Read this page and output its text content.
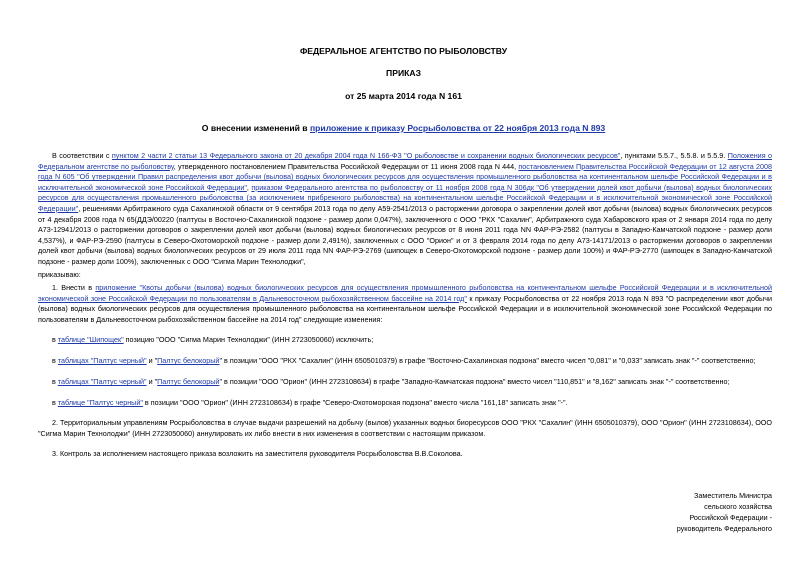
ФЕДЕРАЛЬНОЕ АГЕНТСТВО ПО РЫБОЛОВСТВУ
ПРИКАЗ
от 25 марта 2014 года N 161
О внесении изменений в приложение к приказу Росрыболовства от 22 ноября 2013 года N 893
В соответствии с пунктом 2 части 2 статьи 13 Федерального закона от 20 декабря 2004 года N 166-ФЗ "О рыболовстве и сохранении водных биологических ресурсов", пунктами 5.5.7., 5.5.8. и 5.5.9. Положения о Федеральном агентстве по рыболовству, утвержденного постановлением Правительства Российской Федерации от 11 июня 2008 года N 444, постановлением Правительства Российской Федерации от 12 августа 2008 года N 605 "Об утверждении Правил распределения квот добычи (вылова) водных биологических ресурсов для осуществления промышленного рыболовства на континентальном шельфе Российской Федерации и в исключительной экономической зоне Российской Федерации", приказом Федерального агентства по рыболовству от 11 ноября 2008 года N 306дк "Об утверждении долей квот добычи (вылова) водных биологических ресурсов для осуществления промышленного рыболовства (за исключением прибрежного рыболовства) на континентальном шельфе Российской Федерации и в исключительной экономической зоне Российской Федерации", решениями Арбитражного суда Сахалинской области от 9 сентября 2013 года по делу А59-2541/2013 о расторжении договора о закреплении долей квот добычи (вылова) водных биологических ресурсов от 4 декабря 2008 года N 65(ДДЭ/00220 (палтусы в Восточно-Сахалинской подзоне - размер доли 0,047%), заключенного с ООО "РКХ "Сахалин", Арбитражного суда Хабаровского края от 2 января 2014 года по делу А73-12941/2013 о расторжении договоров о закреплении долей квот добычи (вылова) водных биологических ресурсов от 8 июня 2011 года NN ФАР-РЭ-2582 (палтусы в Западно-Камчатской подзоне - размер доли 4,537%), и ФАР-РЭ-2590 (палтусы в Северо-Охотоморской подзоне - размер доли 2,491%), заключенных с ООО "Орион" и от 3 февраля 2014 года по делу А73-14171/2013 о расторжении договоров о закреплении долей квот добычи (вылова) водных биологических ресурсов от 29 июля 2011 года NN ФАР-РЭ-2769 (шипощек в Северо-Охотоморской подзоне - размер доли 100%) и ФАР-РЭ-2770 (шипощек в Западно-Камчатской подзоне - размер доли 100%), заключенных с ООО "Сигма Марин Технолоджи",
приказываю:
1. Внести в приложение "Квоты добычи (вылова) водных биологических ресурсов для осуществления промышленного рыболовства на континентальном шельфе Российской Федерации и в исключительной экономической зоне Российской Федерации по пользователям в Дальневосточном рыбохозяйственном бассейне на 2014 год" к приказу Росрыболовства от 22 ноября 2013 года N 893 "О распределении квот добычи (вылова) водных биологических ресурсов для осуществления промышленного рыболовства на континентальном шельфе Российской Федерации и в исключительной экономической зоне Российской Федерации по пользователям в Дальневосточном рыбохозяйственном бассейне на 2014 год" следующие изменения:
в таблице "Шипощек" позицию "ООО "Сигма Марин Технолоджи" (ИНН 2723050060) исключить;
в таблицах "Палтус черный" и "Палтус белокорый" в позиции "ООО "РКХ "Сахалин" (ИНН 6505010379) в графе "Восточно-Сахалинская подзона" вместо чисел "0,081" и "0,033" записать знак "-" соответственно;
в таблицах "Палтус черный" и "Палтус белокорый" в позиции "ООО "Орион" (ИНН 2723108634) в графе "Западно-Камчатская подзона" вместо чисел "110,851" и "8,162" записать знак "-" соответственно;
в таблице "Палтус черный" в позиции "ООО "Орион" (ИНН 2723108634) в графе "Северо-Охотоморская подзона" вместо числа "161,18" записать знак "-".
2. Территориальным управлениям Росрыболовства в случае выдачи разрешений на добычу (вылов) указанных водных биоресурсов ООО "РКХ "Сахалин" (ИНН 6505010379), ООО "Орион" (ИНН 2723108634), ООО "Сигма Марин Технолоджи" (ИНН 2723050060) аннулировать их либо внести в них изменения в соответствии с настоящим приказом.
3. Контроль за исполнением настоящего приказа возложить на заместителя руководителя Росрыболовства В.В.Соколова.
Заместитель Министра
сельского хозяйства
Российской Федерации -
руководитель Федерального
